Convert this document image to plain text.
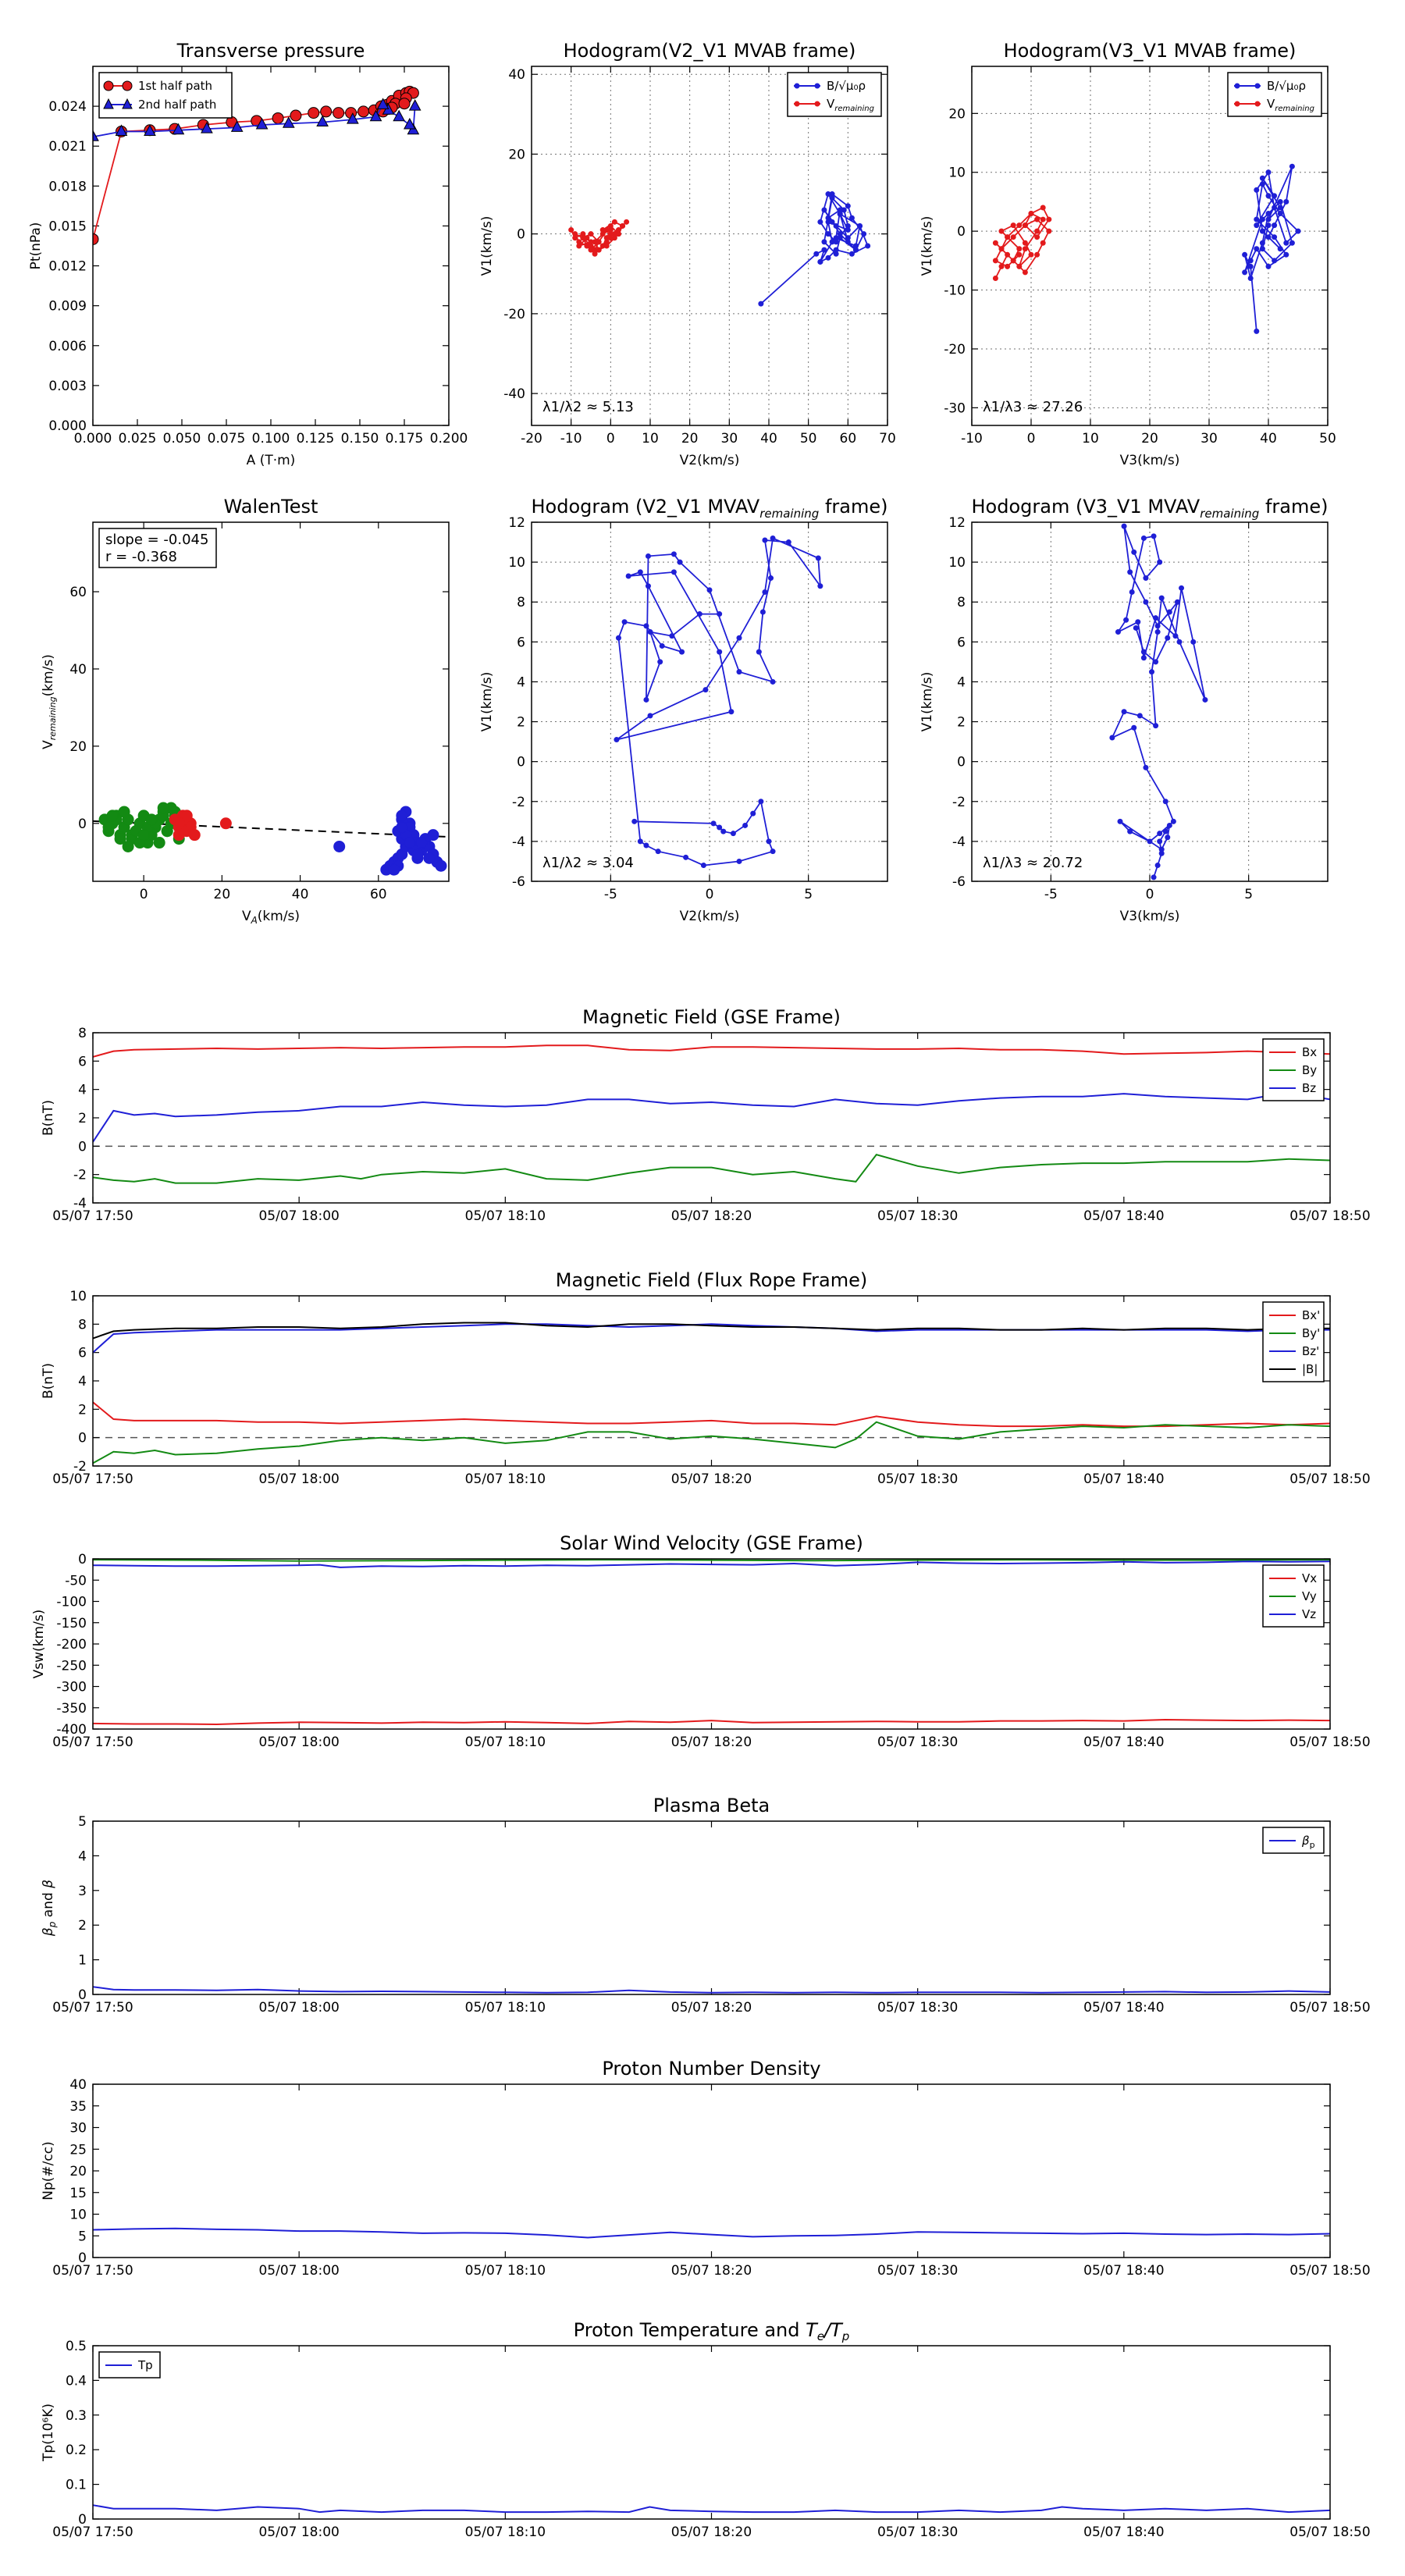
0.000 0.025 0.050 0.075 0.100 0.125 0.150 0.175 0.200
0.000
0.003
0.006
0.009
0.012
0.015
0.018
0.021
0.024
Transverse pressure
A (T·m)
Pt(nPa)
1st half path
2nd half path
-20 -10 0 10 20 30 40 50 60 70
-40
-20
0
20
40
Hodogram(V2_V1 MVAB frame)
V2(km/s)
V1(km/s)
λ1/λ2 ≈ 5.13
B/√μ₀ρ
$V_{remaining}$
-10	0	10	20	30	40	50
-30
-20
-10
0
10
20
Hodogram(V3_V1 MVAB frame)
V3(km/s)
V1(km/s)
λ1/λ3 ≈ 27.26
B/√μ₀ρ
$V_{remaining}$
0	20	40	60
0
20
40
60
WalenTest
$V_A(km/s)$
$V_{remaining}(km/s)$
slope = -0.045
r = -0.368
-5	0	5
-6
-4
-2
0
2
4
6
8
10
12
Hodogram (V2_V1 $MVAV_{remaining}$ frame)
V2(km/s)
V1(km/s)
λ1/λ2 ≈ 3.04
-5	0	5
-6
-4
-2
0
2
4
6
8
10
12
Hodogram (V3_V1 $MVAV_{remaining}$ frame)
V3(km/s)
V1(km/s)
λ1/λ3 ≈ 20.72
05/07 17:50	05/07 18:00	05/07 18:10	05/07 18:20	05/07 18:30	05/07 18:40	05/07 18:50
-4
-2
0
2
4
6
8
Magnetic Field (GSE Frame)
B(nT)
Bx
By
Bz
05/07 17:50	05/07 18:00	05/07 18:10	05/07 18:20	05/07 18:30	05/07 18:40	05/07 18:50
-2
0
2
4
6
8
10
Magnetic Field (Flux Rope Frame)
B(nT)
Bx'
By'
Bz'
|B|
05/07 17:50	05/07 18:00	05/07 18:10	05/07 18:20	05/07 18:30	05/07 18:40	05/07 18:50
-400
-350
-300
-250
-200
-150
-100
-50
0
Solar Wind Velocity (GSE Frame)
Vsw(km/s)
Vx
Vy
Vz
05/07 17:50	05/07 18:00	05/07 18:10	05/07 18:20	05/07 18:30	05/07 18:40	05/07 18:50
0
1
2
3
4
5
Plasma Beta
$\beta_p$ and β
$\beta_p$
05/07 17:50	05/07 18:00	05/07 18:10	05/07 18:20	05/07 18:30	05/07 18:40	05/07 18:50
0
5
10
15
20
25
30
35
40
Proton Number Density
Np(#/cc)
05/07 17:50	05/07 18:00	05/07 18:10	05/07 18:20	05/07 18:30	05/07 18:40	05/07 18:50
0
0.1
0.2
0.3
0.4
0.5
Proton Temperature and $T_e/T_p$
Tp(10⁶K)
Tp
